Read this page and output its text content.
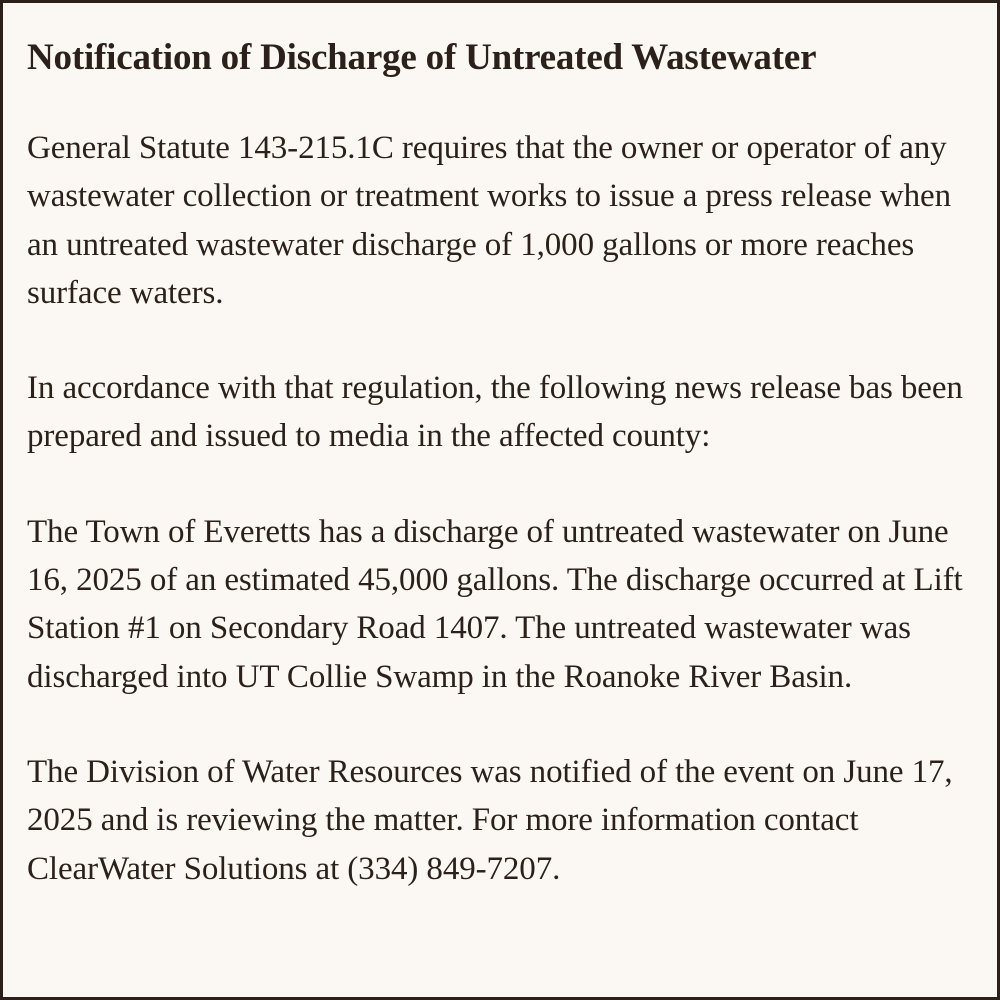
Notification of Discharge of Untreated Wastewater

General Statute 143-215.1C requires that the owner or operator of any wastewater collection or treatment works to issue a press release when an untreated wastewater discharge of 1,000 gallons or more reaches surface waters.

In accordance with that regulation, the following news release bas been prepared and issued to media in the affected county:

The Town of Everetts has a discharge of untreated wastewater on June 16, 2025 of an estimated 45,000 gallons. The discharge occurred at Lift Station #1 on Secondary Road 1407. The untreated wastewater was discharged into UT Collie Swamp in the Roanoke River Basin.

The Division of Water Resources was notified of the event on June 17, 2025 and is reviewing the matter. For more information contact ClearWater Solutions at (334) 849-7207.
